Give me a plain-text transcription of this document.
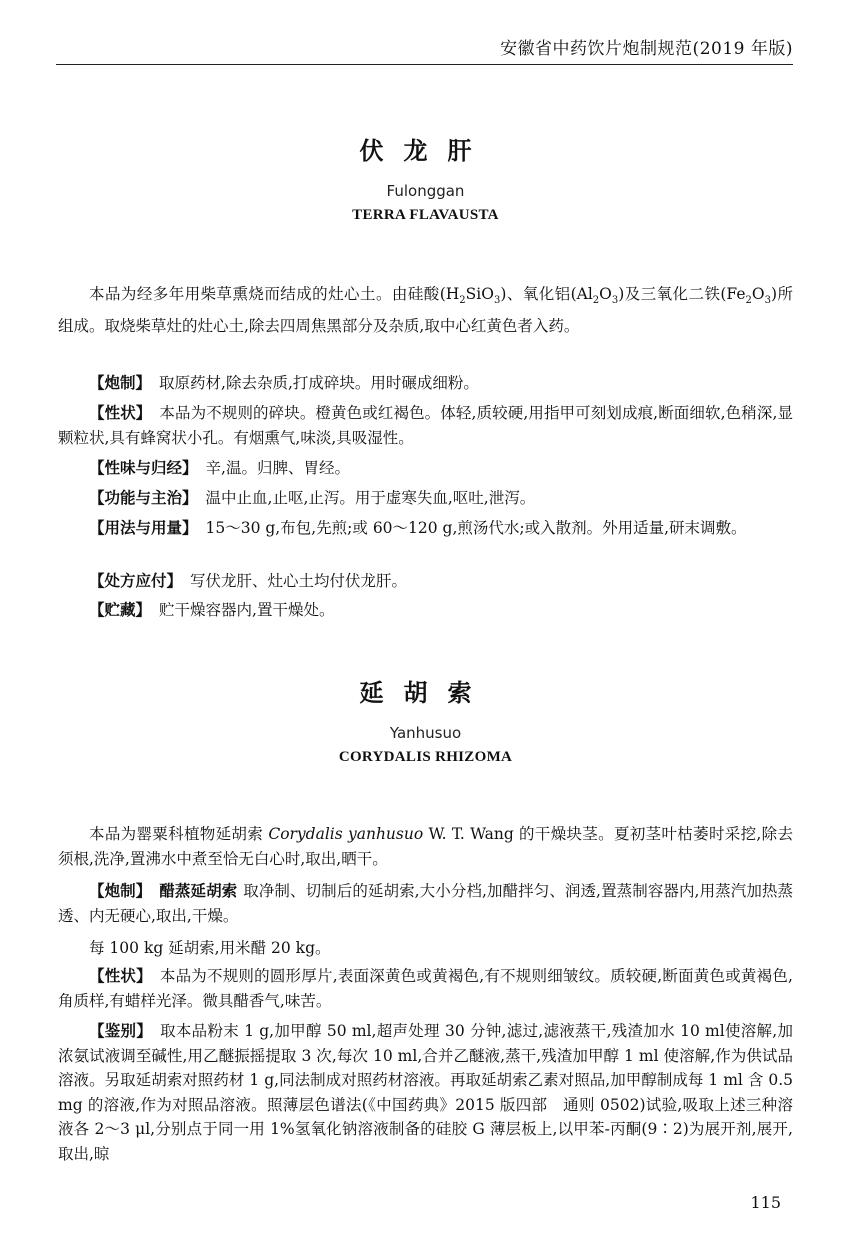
安徽省中药饮片炮制规范(2019 年版)
伏龙肝
Fulonggan
TERRA FLAVAUSTA
本品为经多年用柴草熏烧而结成的灶心土。由硅酸$(H_2SiO_3)$、氧化铝$(Al_2O_3)$及三氧化二铁$(Fe_2O_3)$所组成。取烧柴草灶的灶心土,除去四周焦黑部分及杂质,取中心红黄色者入药。
【炮制】 取原药材,除去杂质,打成碎块。用时碾成细粉。
【性状】 本品为不规则的碎块。橙黄色或红褐色。体轻,质较硬,用指甲可刻划成痕,断面细软,色稍深,显颗粒状,具有蜂窝状小孔。有烟熏气,味淡,具吸湿性。
【性味与归经】 辛,温。归脾、胃经。
【功能与主治】 温中止血,止呕,止泻。用于虚寒失血,呕吐,泄泻。
【用法与用量】 15～30 g,布包,先煎;或 60～120 g,煎汤代水;或入散剂。外用适量,研末调敷。
【处方应付】 写伏龙肝、灶心土均付伏龙肝。
【贮藏】 贮干燥容器内,置干燥处。
延胡索
Yanhusuo
CORYDALIS RHIZOMA
本品为罂粟科植物延胡索 Corydalis yanhusuo W. T. Wang 的干燥块茎。夏初茎叶枯萎时采挖,除去须根,洗净,置沸水中煮至恰无白心时,取出,晒干。
【炮制】 醋蒸延胡索 取净制、切制后的延胡索,大小分档,加醋拌匀、润透,置蒸制容器内,用蒸汽加热蒸透、内无硬心,取出,干燥。
每 100 kg 延胡索,用米醋 20 kg。
【性状】 本品为不规则的圆形厚片,表面深黄色或黄褐色,有不规则细皱纹。质较硬,断面黄色或黄褐色,角质样,有蜡样光泽。微具醋香气,味苦。
【鉴别】 取本品粉末 1 g,加甲醇 50 ml,超声处理 30 分钟,滤过,滤液蒸干,残渣加水 10 ml使溶解,加浓氨试液调至碱性,用乙醚振摇提取 3 次,每次 10 ml,合并乙醚液,蒸干,残渣加甲醇 1 ml 使溶解,作为供试品溶液。另取延胡索对照药材 1 g,同法制成对照药材溶液。再取延胡索乙素对照品,加甲醇制成每 1 ml 含 0.5 mg 的溶液,作为对照品溶液。照薄层色谱法(《中国药典》2015 版四部　通则 0502)试验,吸取上述三种溶液各 2～3 μl,分别点于同一用 1%氢氧化钠溶液制备的硅胶 G 薄层板上,以甲苯-丙酮(9∶2)为展开剂,展开,取出,晾
115
